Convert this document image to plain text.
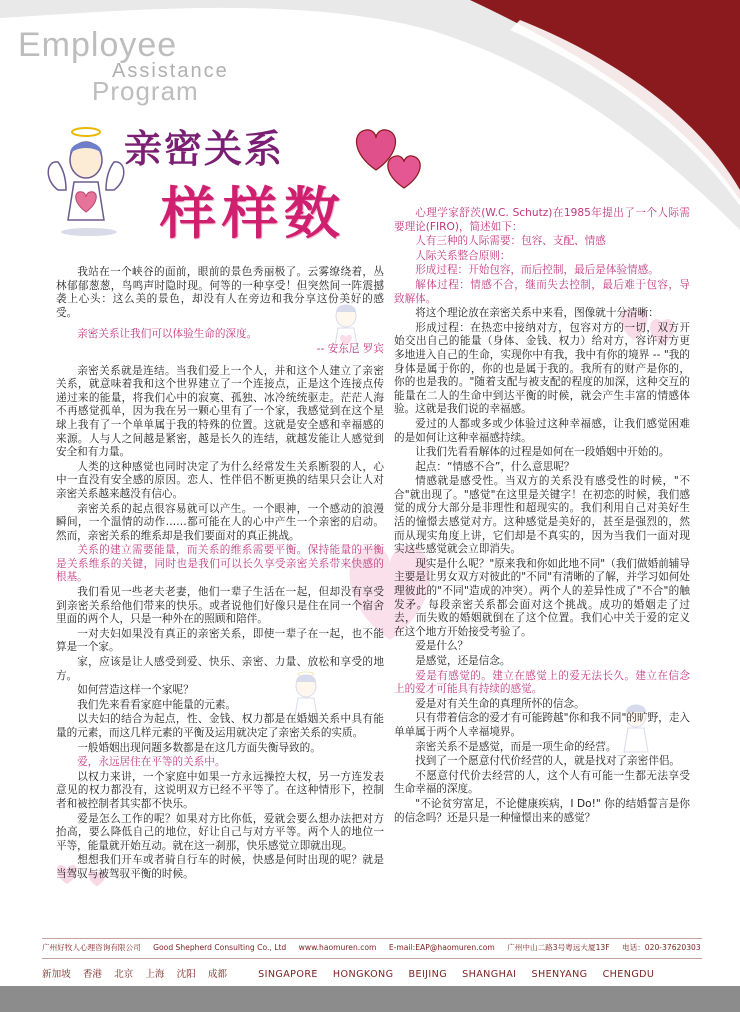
Employee
Assistance
Program
亲密关系
样样数

我站在一个峡谷的面前，眼前的景色秀丽极了。云雾缭绕着，丛林郁郁葱葱，鸟鸣声时隐时现。何等的一种享受！但突然间一阵震撼袭上心头：这么美的景色，却没有人在旁边和我分享这份美好的感受。

亲密关系让我们可以体验生命的深度。

-- 安东尼 罗宾

亲密关系就是连结。当我们爱上一个人，并和这个人建立了亲密关系，就意味着我和这个世界建立了一个连接点，正是这个连接点传递过来的能量，将我们心中的寂寞、孤独、冰冷统统驱走。茫茫人海不再感觉孤单，因为我在另一颗心里有了一个家，我感觉到在这个星球上我有了一个单单属于我的特殊的位置。这就是安全感和幸福感的来源。人与人之间越是紧密，越是长久的连结，就越发能让人感觉到安全和有力量。

人类的这种感觉也同时决定了为什么经常发生关系断裂的人，心中一直没有安全感的原因。恋人、性伴侣不断更换的结果只会让人对亲密关系越来越没有信心。

亲密关系的起点很容易就可以产生。一个眼神，一个感动的浪漫瞬间，一个温情的动作……都可能在人的心中产生一个亲密的启动。然而，亲密关系的维系却是我们要面对的真正挑战。

关系的建立需要能量，而关系的维系需要平衡。保持能量的平衡是关系维系的关键，同时也是我们可以长久享受亲密关系带来快感的根基。

我们看见一些老夫老妻，他们一辈子生活在一起，但却没有享受到亲密关系给他们带来的快乐。或者说他们好像只是住在同一个宿舍里面的两个人，只是一种外在的照顾和陪伴。

一对夫妇如果没有真正的亲密关系，即使一辈子在一起，也不能算是一个家。

家，应该是让人感受到爱、快乐、亲密、力量、放松和享受的地方。

如何营造这样一个家呢？

我们先来看看家庭中能量的元素。

以夫妇的结合为起点，性、金钱、权力都是在婚姻关系中具有能量的元素，而这几样元素的平衡及运用就决定了亲密关系的实质。

一般婚姻出现问题多数都是在这几方面失衡导致的。

爱，永远居住在平等的关系中。

以权力来讲，一个家庭中如果一方永远操控大权，另一方连发表意见的权力都没有，这说明双方已经不平等了。在这种情形下，控制者和被控制者其实都不快乐。

爱是怎么工作的呢？如果对方比你低，爱就会要么想办法把对方抬高，要么降低自己的地位，好让自己与对方平等。两个人的地位一平等，能量就开始互动。就在这一刹那，快乐感觉立即就出现。

想想我们开车或者骑自行车的时候，快感是何时出现的呢？就是当驾驭与被驾驭平衡的时候。

心理学家舒茨(W.C. Schutz)在1985年提出了一个人际需要理论(FIRO)，简述如下：

人有三种的人际需要：包容、支配、情感

人际关系整合原则：

形成过程：开始包容，而后控制，最后是体验情感。

解体过程：情感不合，继而失去控制，最后难于包容，导致解体。

将这个理论放在亲密关系中来看，图像就十分清晰：

形成过程：在热恋中接纳对方，包容对方的一切，双方开始交出自己的能量（身体、金钱、权力）给对方，容许对方更多地进入自己的生命，实现你中有我，我中有你的境界 -- "我的身体是属于你的，你的也是属于我的。我所有的财产是你的，你的也是我的。"随着支配与被支配的程度的加深，这种交互的能量在二人的生命中到达平衡的时候，就会产生丰富的情感体验。这就是我们说的幸福感。

爱过的人都或多或少体验过这种幸福感，让我们感觉困难的是如何让这种幸福感持续。

让我们先看看解体的过程是如何在一段婚姻中开始的。

起点：“情感不合”，什么意思呢？

情感就是感受性。当双方的关系没有感受性的时候，"不合"就出现了。"感觉"在这里是关键字！在初恋的时候，我们感觉的成分大部分是非理性和超现实的。我们利用自己对美好生活的憧憬去感觉对方。这种感觉是美好的，甚至是强烈的，然而从现实角度上讲，它们却是不真实的，因为当我们一面对现实这些感觉就会立即消失。

现实是什么呢？"原来我和你如此地不同"（我们做婚前辅导主要是让男女双方对彼此的"不同"有清晰的了解，并学习如何处理彼此的"不同"造成的冲突）。两个人的差异性成了"不合"的触发矛。每段亲密关系都会面对这个挑战。成功的婚姻走了过去，而失败的婚姻就倒在了这个位置。我们心中关于爱的定义在这个地方开始接受考验了。

爱是什么？

是感觉，还是信念。

爱是有感觉的。建立在感觉上的爱无法长久。建立在信念上的爱才可能具有持续的感觉。

爱是对有关生命的真理所怀的信念。

只有带着信念的爱才有可能跨越"你和我不同"的旷野，走入单单属于两个人幸福境界。

亲密关系不是感觉，而是一项生命的经营。

找到了一个愿意付代价经营的人，就是找对了亲密伴侣。

不愿意付代价去经营的人，这个人有可能一生都无法享受生命幸福的深度。

"不论贫穷富足，不论健康疾病，I Do!" 你的结婚誓言是你的信念吗？还是只是一种憧憬出来的感觉？

广州好牧人心理咨询有限公司 Good Shepherd Consulting Co., Ltd www.haomuren.com E-mail:EAP@haomuren.com 广州中山二路3号粤远大厦13F 电话：020-37620303
新加坡 香港 北京 上海 沈阳 成都	SINGAPORE HONGKONG BEIJING SHANGHAI SHENYANG CHENGDU
